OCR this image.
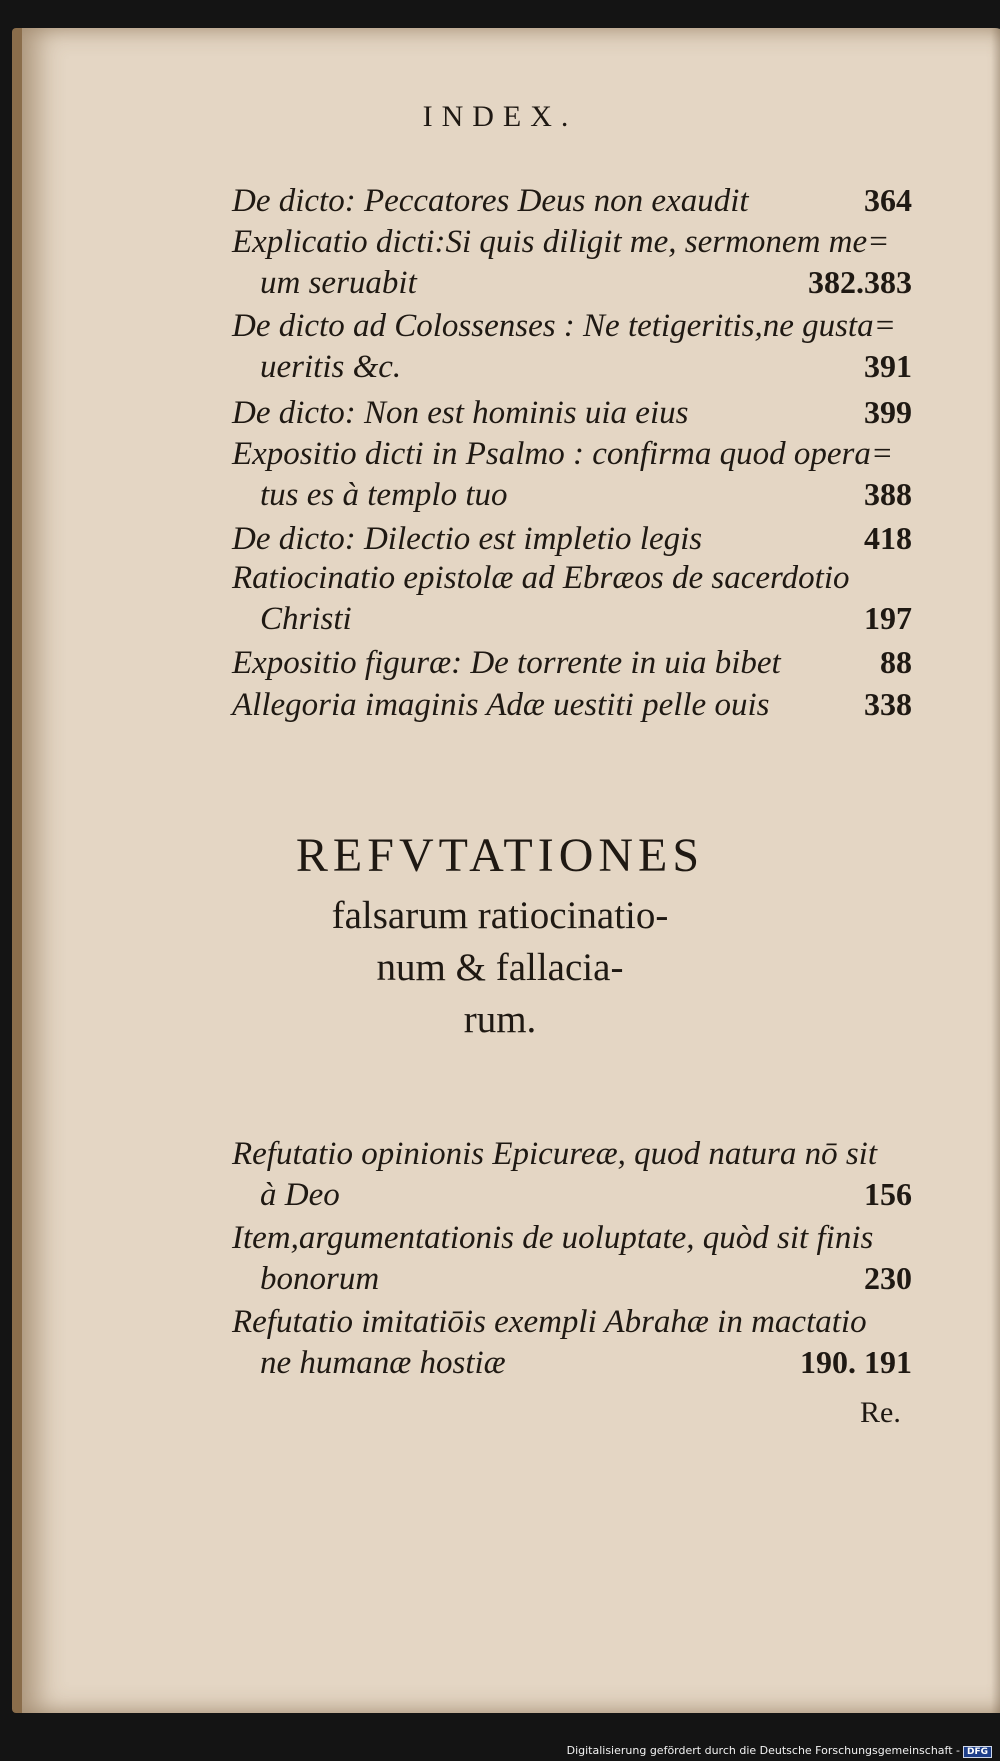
INDEX.
De dicto: Peccatores Deus non exaudit	364
Explicatio dicti:Si quis diligit me, sermonem me=
um seruabit	382.383
De dicto ad Colossenses : Ne tetigeritis,ne gusta=
ueritis &c.	391
De dicto: Non est hominis uia eius	399
Expositio dicti in Psalmo : confirma quod opera=
tus es à templo tuo	388
De dicto: Dilectio est impletio legis	418
Ratiocinatio epistolæ ad Ebræos de sacerdotio
Christi	197
Expositio figuræ: De torrente in uia bibet	88
Allegoria imaginis Adæ uestiti pelle ouis	338
REFVTATIONES
falsarum ratiocinatio-
num & fallacia-
rum.
Refutatio opinionis Epicureæ, quod natura nō sit
à Deo	156
Item,argumentationis de uoluptate, quòd sit finis
bonorum	230
Refutatio imitatiōis exempli Abrahæ in mactatio
ne humanæ hostiæ	190. 191
Re.
Digitalisierung gefördert durch die Deutsche Forschungsgemeinschaft - DFG
